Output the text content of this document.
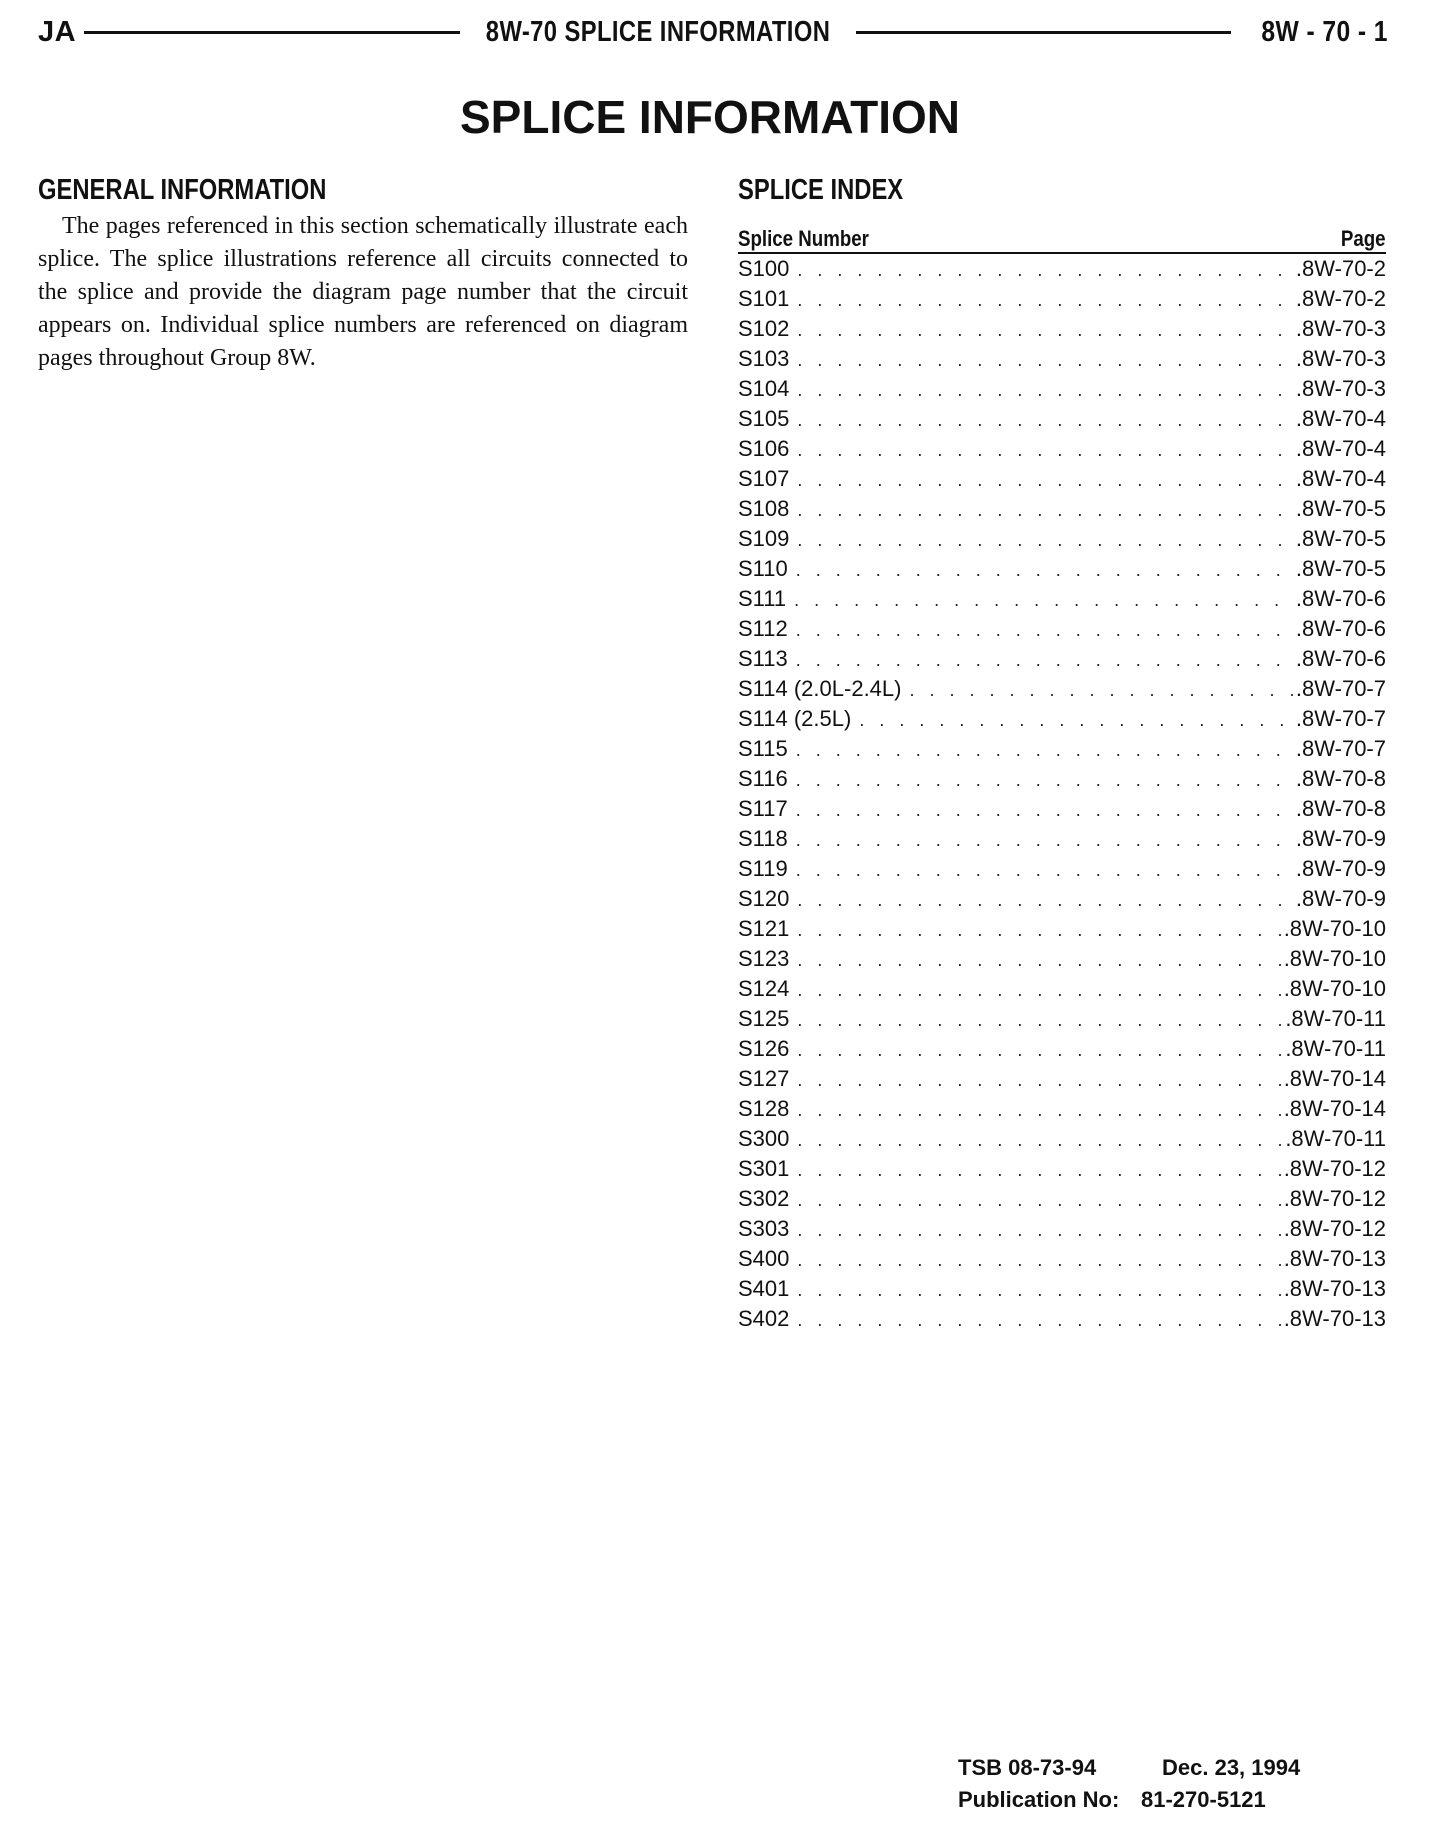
JA	8W-70 SPLICE INFORMATION	8W - 70 - 1
SPLICE INFORMATION
GENERAL INFORMATION

The pages referenced in this section schematically illustrate each splice. The splice illustrations reference all circuits connected to the splice and provide the diagram page number that the circuit appears on. Individual splice numbers are referenced on diagram pages throughout Group 8W.

SPLICE INDEX
Splice Number	Page
S100 . . .	.8W-70-2
S101 . . .	.8W-70-2
S102 . . .	.8W-70-3
S103 . . .	.8W-70-3
S104 . . .	.8W-70-3
S105 . . .	.8W-70-4
S106 . . .	.8W-70-4
S107 . . .	.8W-70-4
S108 . . .	.8W-70-5
S109 . . .	.8W-70-5
S110 . . .	.8W-70-5
S111 . . .	.8W-70-6
S112 . . .	.8W-70-6
S113 . . .	.8W-70-6
S114 (2.0L-2.4L) . . .	.8W-70-7
S114 (2.5L) . . .	.8W-70-7
S115 . . .	.8W-70-7
S116 . . .	.8W-70-8
S117 . . .	.8W-70-8
S118 . . .	.8W-70-9
S119 . . .	.8W-70-9
S120 . . .	.8W-70-9
S121 . . .	.8W-70-10
S123 . . .	.8W-70-10
S124 . . .	.8W-70-10
S125 . . .	.8W-70-11
S126 . . .	.8W-70-11
S127 . . .	.8W-70-14
S128 . . .	.8W-70-14
S300 . . .	.8W-70-11
S301 . . .	.8W-70-12
S302 . . .	.8W-70-12
S303 . . .	.8W-70-12
S400 . . .	.8W-70-13
S401 . . .	.8W-70-13
S402 . . .	.8W-70-13
TSB 08-73-94	Dec. 23, 1994
Publication No: 81-270-5121
